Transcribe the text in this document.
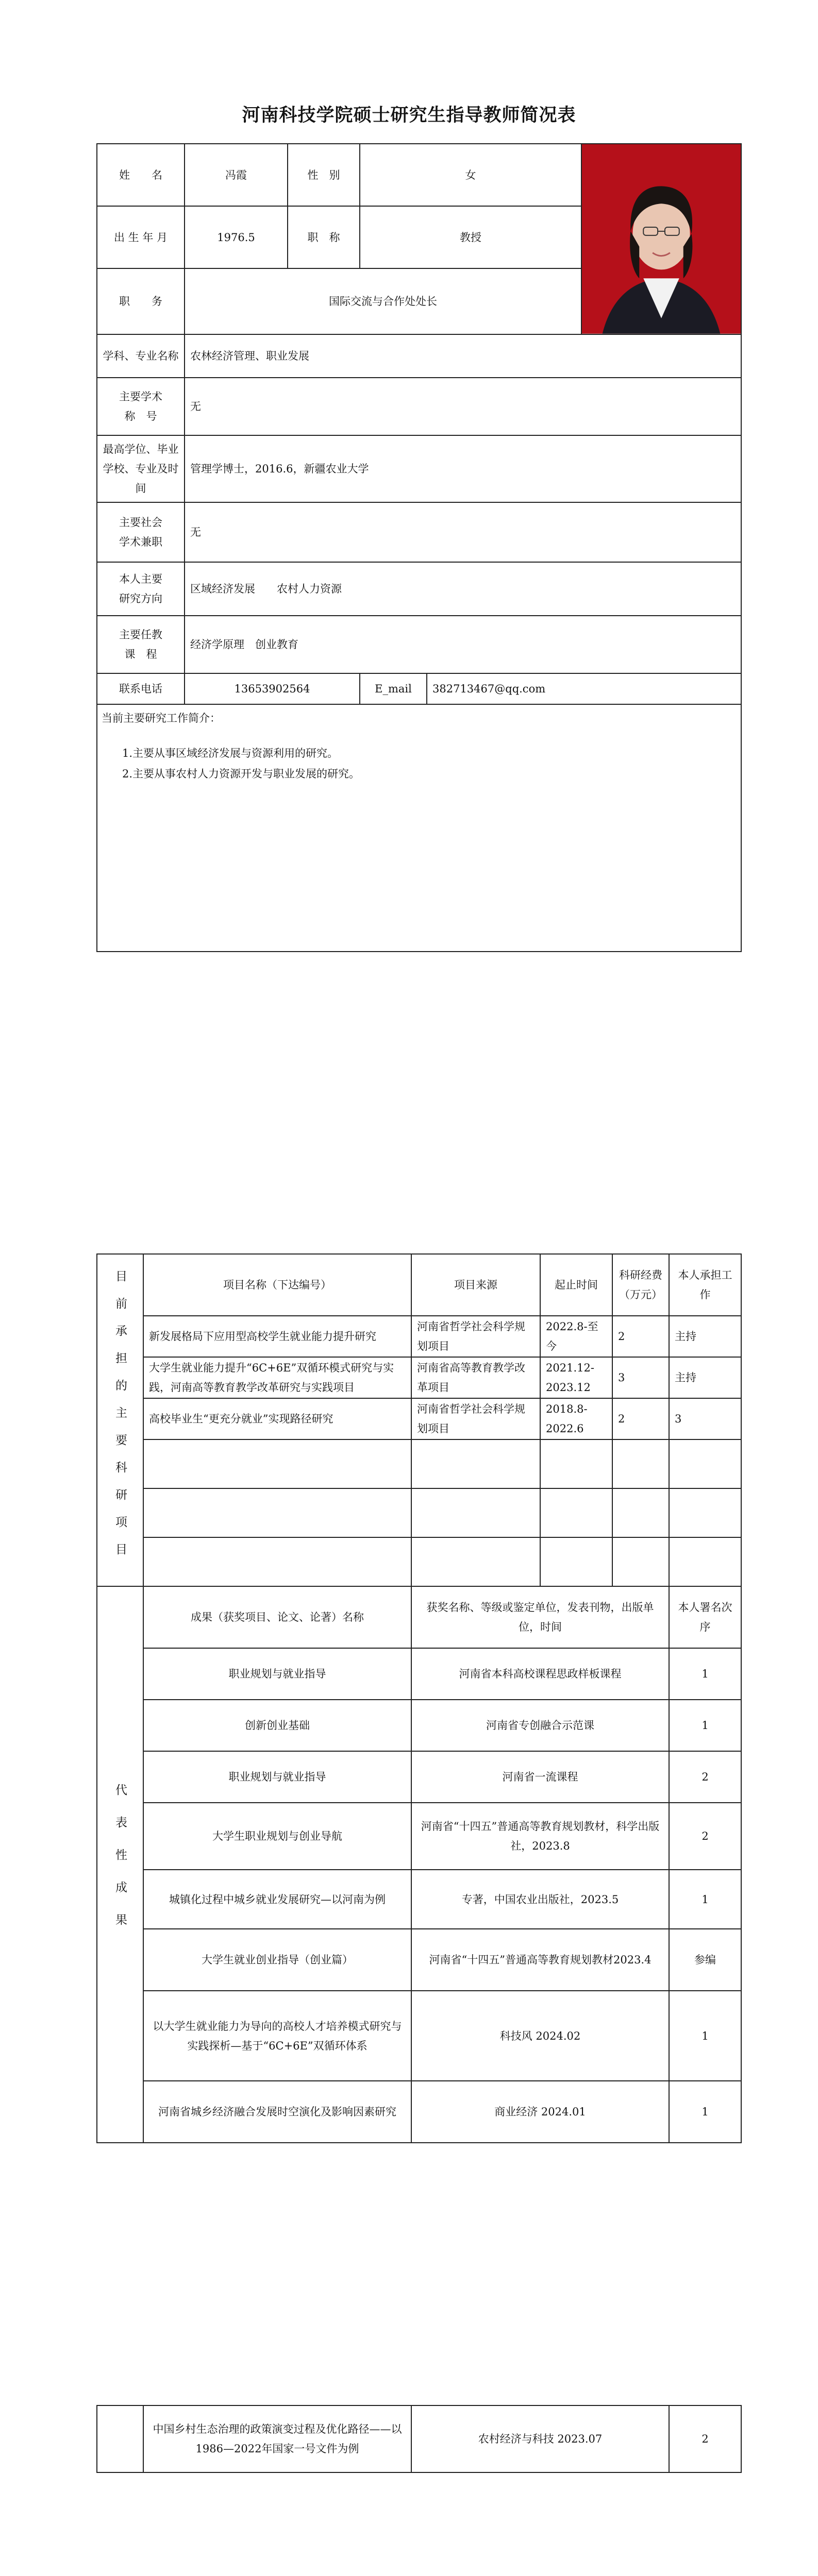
河南科技学院硕士研究生指导教师简况表
姓　　名	冯霞	性　别	女	

出 生 年 月	1976.5	职　称	教授		
职　　务	国际交流与合作处处长				
学科、专业名称	农林经济管理、职业发展				
主要学术
称　号	无				
最高学位、毕业学校、专业及时间	管理学博士，2016.6，新疆农业大学				
主要社会
学术兼职	无				
本人主要
研究方向	区域经济发展　　农村人力资源				
主要任教
课　程	经济学原理　创业教育				
联系电话	13653902564		E_mail	382713467@qq.com	

当前主要研究工作简介：

1.主要从事区域经济发展与资源利用的研究。

2.主要从事农村人力资源开发与职业发展的研究。					

目前承担的主要科研项目	项目名称（下达编号）	项目来源	起止时间	科研经费（万元）	本人承担工作
	新发展格局下应用型高校学生就业能力提升研究	河南省哲学社会科学规划项目	2022.8-至今	2	主持
	大学生就业能力提升“6C+6E”双循环模式研究与实践，河南高等教育教学改革研究与实践项目	河南省高等教育教学改革项目	2021.12-2023.12	3	主持
	高校毕业生“更充分就业”实现路径研究	河南省哲学社会科学规划项目	2018.8-2022.6	2	3

代表性成果	成果（获奖项目、论文、论著）名称	获奖名称、等级或鉴定单位，发表刊物，出版单位，时间			本人署名次序
	职业规划与就业指导	河南省本科高校课程思政样板课程			1
	创新创业基础	河南省专创融合示范课			1
	职业规划与就业指导	河南省一流课程			2
	大学生职业规划与创业导航	河南省“十四五”普通高等教育规划教材，科学出版社，2023.8			2
	城镇化过程中城乡就业发展研究—以河南为例	专著，中国农业出版社，2023.5			1
	大学生就业创业指导（创业篇）	河南省“十四五”普通高等教育规划教材2023.4			参编
	以大学生就业能力为导向的高校人才培养模式研究与实践探析—基于“6C+6E”双循环体系	科技风 2024.02			1
	河南省城乡经济融合发展时空演化及影响因素研究	商业经济 2024.01			1
	中国乡村生态治理的政策演变过程及优化路径——以1986—2022年国家一号文件为例	农村经济与科技 2023.07	2
